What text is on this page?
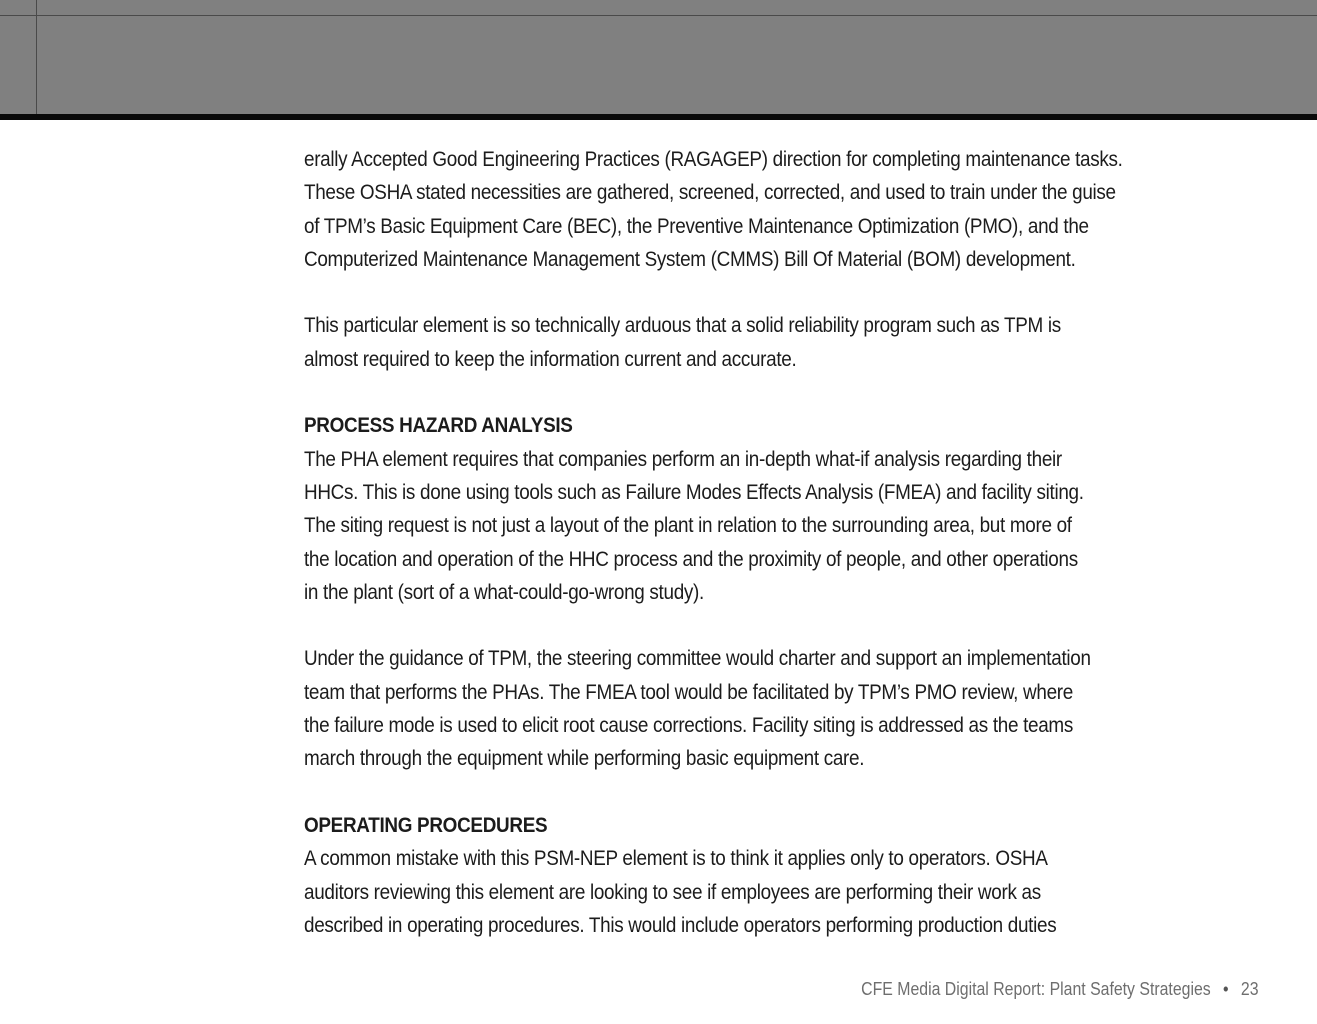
erally Accepted Good Engineering Practices (RAGAGEP) direction for completing maintenance tasks.

These OSHA stated necessities are gathered, screened, corrected, and used to train under the guise

of TPM’s Basic Equipment Care (BEC), the Preventive Maintenance Optimization (PMO), and the

Computerized Maintenance Management System (CMMS) Bill Of Material (BOM) development.

This particular element is so technically arduous that a solid reliability program such as TPM is

almost required to keep the information current and accurate.

PROCESS HAZARD ANALYSIS

The PHA element requires that companies perform an in-depth what-if analysis regarding their

HHCs. This is done using tools such as Failure Modes Effects Analysis (FMEA) and facility siting.

The siting request is not just a layout of the plant in relation to the surrounding area, but more of

the location and operation of the HHC process and the proximity of people, and other operations

in the plant (sort of a what-could-go-wrong study).

Under the guidance of TPM, the steering committee would charter and support an implementation

team that performs the PHAs. The FMEA tool would be facilitated by TPM’s PMO review, where

the failure mode is used to elicit root cause corrections. Facility siting is addressed as the teams

march through the equipment while performing basic equipment care.

OPERATING PROCEDURES

A common mistake with this PSM-NEP element is to think it applies only to operators. OSHA

auditors reviewing this element are looking to see if employees are performing their work as

described in operating procedures. This would include operators performing production duties

CFE Media Digital Report: Plant Safety Strategies • 23
